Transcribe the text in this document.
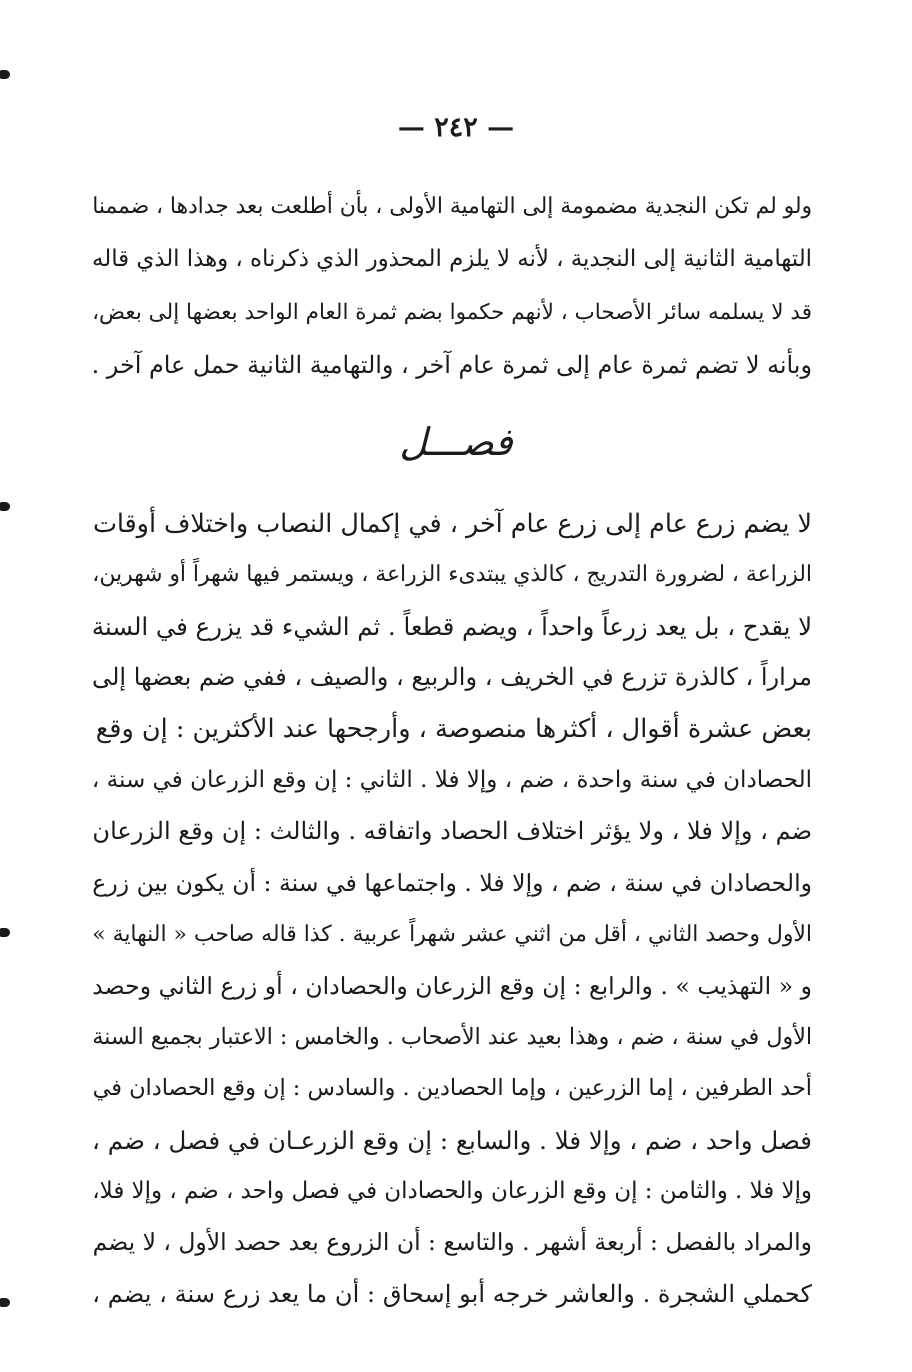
— ٢٤٢ —
ولو لم تكن النجدية مضمومة إلى التهامية الأولى ، بأن أطلعت بعد جدادها ، ضممنا
التهامية الثانية إلى النجدية ، لأنه لا يلزم المحذور الذي ذكرناه ، وهذا الذي قاله
قد لا يسلمه سائر الأصحاب ، لأنهم حكموا بضم ثمرة العام الواحد بعضها إلى بعض،
وبأنه لا تضم ثمرة عام إلى ثمرة عام آخر ، والتهامية الثانية حمل عام آخر .
فصـــل
لا يضم زرع عام إلى زرع عام آخر ، في إكمال النصاب واختلاف أوقات
الزراعة ، لضرورة التدريج ، كالذي يبتدىء الزراعة ، ويستمر فيها شهراً أو شهرين،
لا يقدح ، بل يعد زرعاً واحداً ، ويضم قطعاً . ثم الشيء قد يزرع في السنة
مراراً ، كالذرة تزرع في الخريف ، والربيع ، والصيف ، ففي ضم بعضها إلى
بعض عشرة أقوال ، أكثرها منصوصة ، وأرجحها عند الأكثرين : إن وقع
الحصادان في سنة واحدة ، ضم ، وإلا فلا . الثاني : إن وقع الزرعان في سنة ،
ضم ، وإلا فلا ، ولا يؤثر اختلاف الحصاد واتفاقه . والثالث : إن وقع الزرعان
والحصادان في سنة ، ضم ، وإلا فلا . واجتماعها في سنة : أن يكون بين زرع
الأول وحصد الثاني ، أقل من اثني عشر شهراً عربية . كذا قاله صاحب « النهاية »
و « التهذيب » . والرابع : إن وقع الزرعان والحصادان ، أو زرع الثاني وحصد
الأول في سنة ، ضم ، وهذا بعيد عند الأصحاب . والخامس : الاعتبار بجميع السنة
أحد الطرفين ، إما الزرعين ، وإما الحصادين . والسادس : إن وقع الحصادان في
فصل واحد ، ضم ، وإلا فلا . والسابع : إن وقع الزرعـان في فصل ، ضم ،
وإلا فلا . والثامن : إن وقع الزرعان والحصادان في فصل واحد ، ضم ، وإلا فلا،
والمراد بالفصل : أربعة أشهر . والتاسع : أن الزروع بعد حصد الأول ، لا يضم
كحملي الشجرة . والعاشر خرجه أبو إسحاق : أن ما يعد زرع سنة ، يضم ،
